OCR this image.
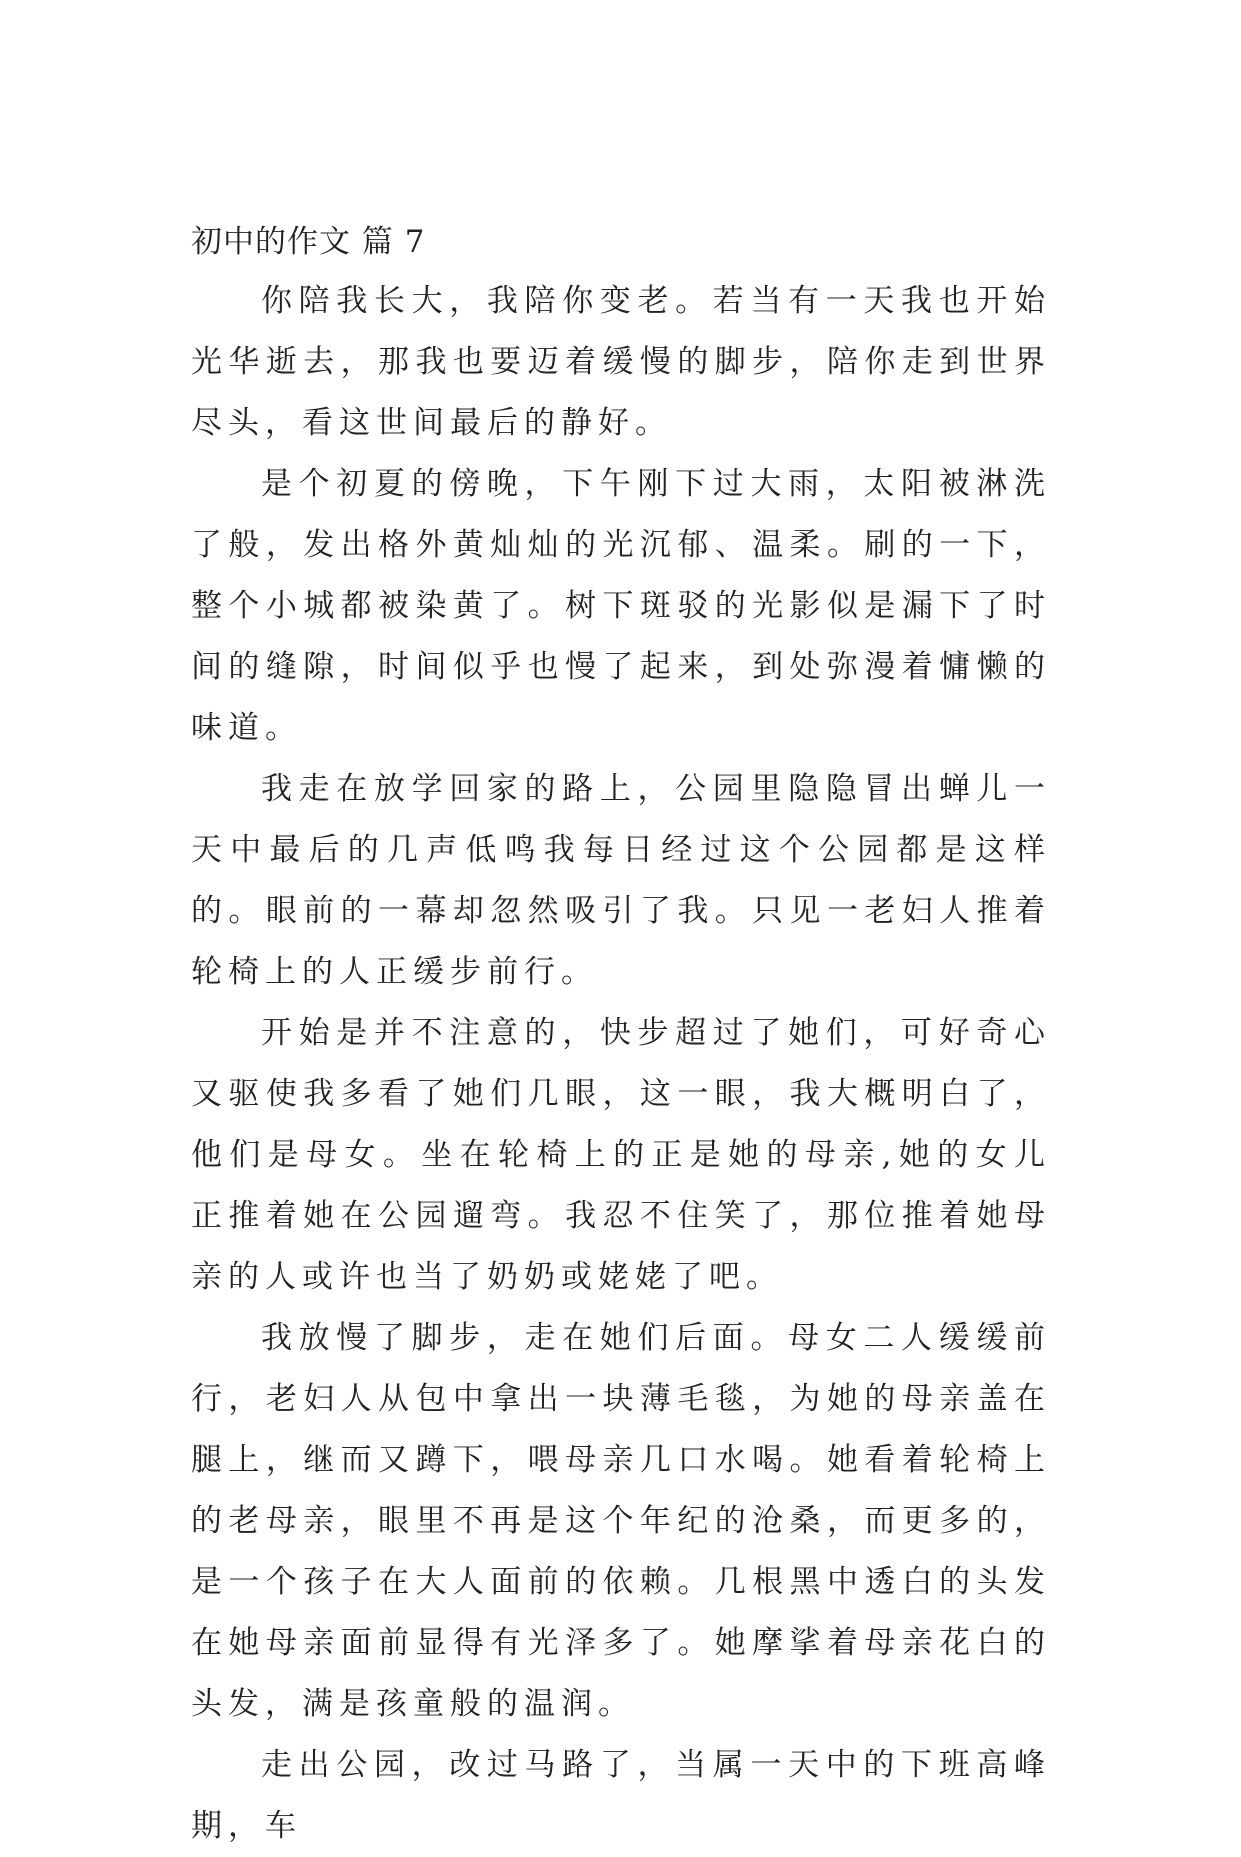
初中的作文 篇 7

你陪我长大，我陪你变老。若当有一天我也开始光华逝去，那我也要迈着缓慢的脚步，陪你走到世界尽头，看这世间最后的静好。

是个初夏的傍晚，下午刚下过大雨，太阳被淋洗了般，发出格外黄灿灿的光沉郁、温柔。刷的一下，整个小城都被染黄了。树下斑驳的光影似是漏下了时间的缝隙，时间似乎也慢了起来，到处弥漫着慵懒的味道。

我走在放学回家的路上，公园里隐隐冒出蝉儿一天中最后的几声低鸣我每日经过这个公园都是这样的。眼前的一幕却忽然吸引了我。只见一老妇人推着轮椅上的人正缓步前行。

开始是并不注意的，快步超过了她们，可好奇心又驱使我多看了她们几眼，这一眼，我大概明白了，他们是母女。坐在轮椅上的正是她的母亲,她的女儿正推着她在公园遛弯。我忍不住笑了，那位推着她母亲的人或许也当了奶奶或姥姥了吧。

我放慢了脚步，走在她们后面。母女二人缓缓前行，老妇人从包中拿出一块薄毛毯，为她的母亲盖在腿上，继而又蹲下，喂母亲几口水喝。她看着轮椅上的老母亲，眼里不再是这个年纪的沧桑，而更多的，是一个孩子在大人面前的依赖。几根黑中透白的头发在她母亲面前显得有光泽多了。她摩挲着母亲花白的头发，满是孩童般的温润。

走出公园，改过马路了，当属一天中的下班高峰期，车
